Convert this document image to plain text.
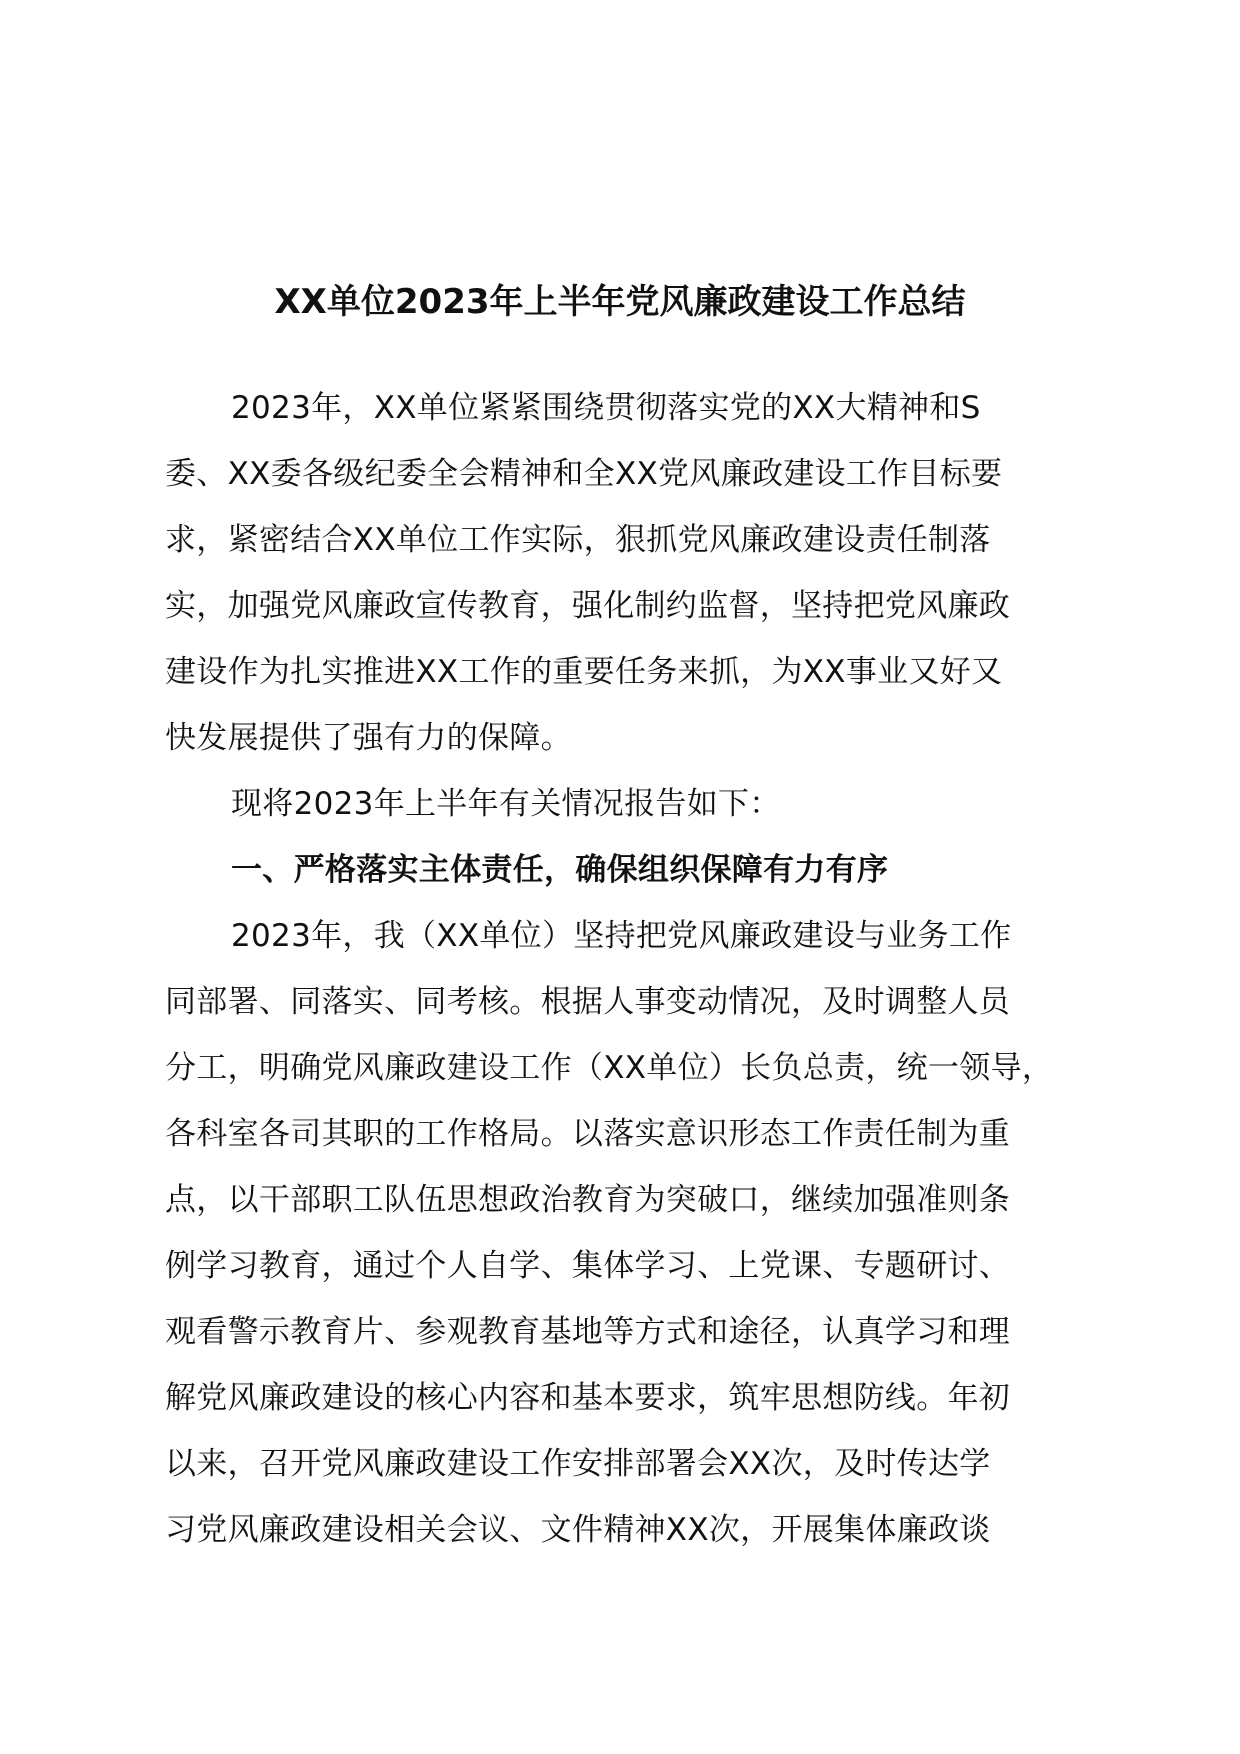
XX单位2023年上半年党风廉政建设工作总结
2023年，XX单位紧紧围绕贯彻落实党的XX大精神和S
委、XX委各级纪委全会精神和全XX党风廉政建设工作目标要
求，紧密结合XX单位工作实际，狠抓党风廉政建设责任制落
实，加强党风廉政宣传教育，强化制约监督，坚持把党风廉政
建设作为扎实推进XX工作的重要任务来抓，为XX事业又好又
快发展提供了强有力的保障。
现将2023年上半年有关情况报告如下：
一、严格落实主体责任，确保组织保障有力有序
2023年，我（XX单位）坚持把党风廉政建设与业务工作
同部署、同落实、同考核。根据人事变动情况，及时调整人员
分工，明确党风廉政建设工作（XX单位）长负总责，统一领导，
各科室各司其职的工作格局。以落实意识形态工作责任制为重
点，以干部职工队伍思想政治教育为突破口，继续加强准则条
例学习教育，通过个人自学、集体学习、上党课、专题研讨、
观看警示教育片、参观教育基地等方式和途径，认真学习和理
解党风廉政建设的核心内容和基本要求，筑牢思想防线。年初
以来，召开党风廉政建设工作安排部署会XX次，及时传达学
习党风廉政建设相关会议、文件精神XX次，开展集体廉政谈
